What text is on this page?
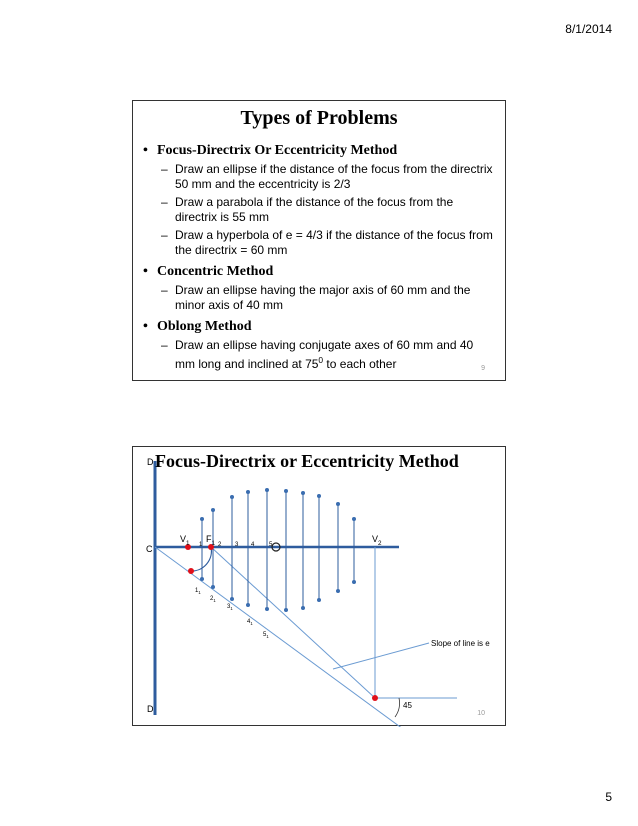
8/1/2014
Types of Problems
• Focus-Directrix Or Eccentricity Method
– Draw an ellipse if the distance of the focus from the directrix 50 mm and the eccentricity is 2/3
– Draw a parabola if the distance of the focus from the directrix is 55 mm
– Draw a hyperbola of e = 4/3 if the distance of the focus from the directrix = 60 mm
• Concentric Method
– Draw an ellipse having the major axis of 60 mm and the minor axis of 40 mm
• Oblong Method
– Draw an ellipse having conjugate axes of 60 mm and 40 mm long and inclined at $75^0$ to each other	9
Focus-Directrix or Eccentricity Method
D
D
C
$V_1$ $F_1$	$V_2$
1	2 3 4 5
$1_1$
$2_1$
$3_1$
$4_1$
$5_1$
Slope of line is e
45
10
5
